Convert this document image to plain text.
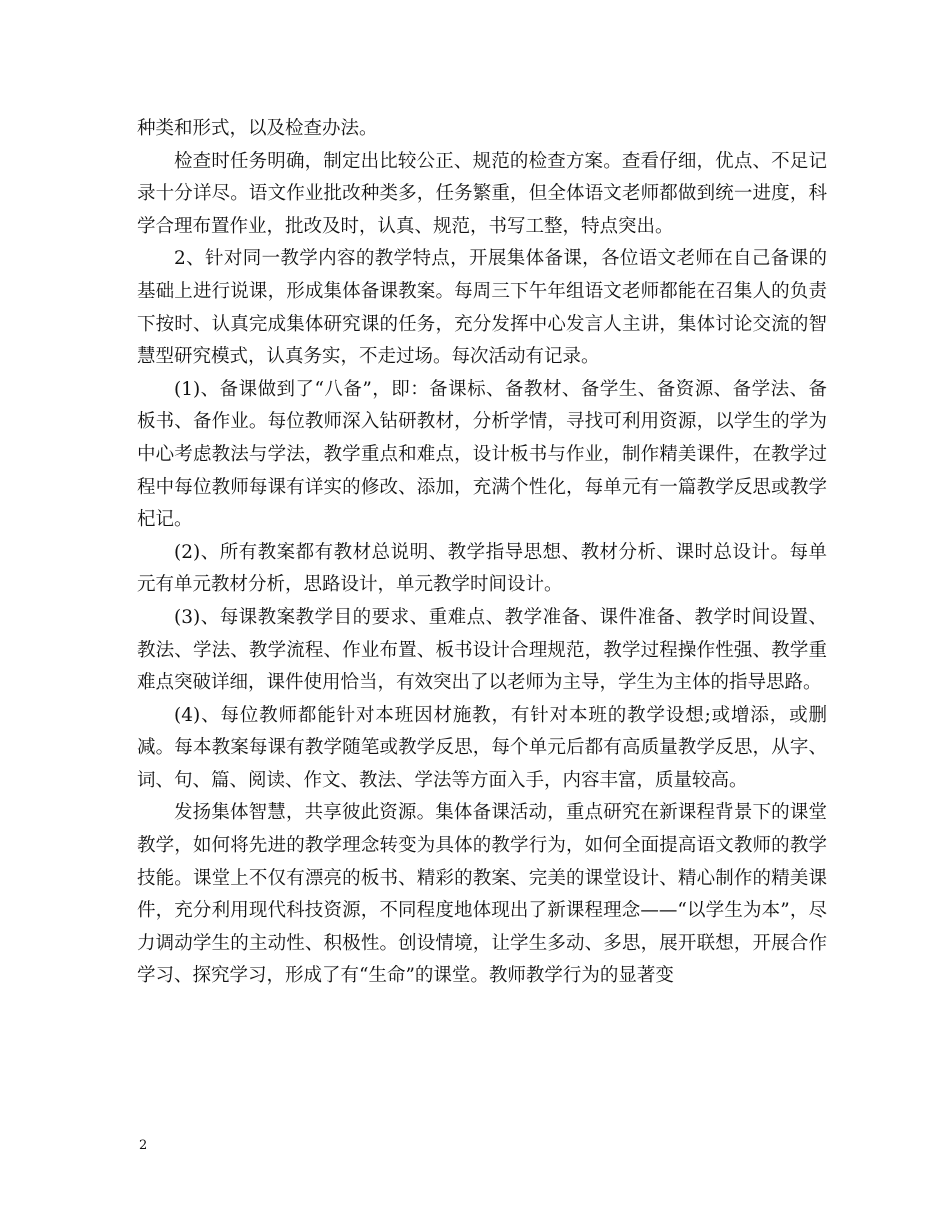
种类和形式，以及检查办法。

检查时任务明确，制定出比较公正、规范的检查方案。查看仔细，优点、不足记录十分详尽。语文作业批改种类多，任务繁重，但全体语文老师都做到统一进度，科学合理布置作业，批改及时，认真、规范，书写工整，特点突出。

2、针对同一教学内容的教学特点，开展集体备课，各位语文老师在自己备课的基础上进行说课，形成集体备课教案。每周三下午年组语文老师都能在召集人的负责下按时、认真完成集体研究课的任务，充分发挥中心发言人主讲，集体讨论交流的智慧型研究模式，认真务实，不走过场。每次活动有记录。

(1)、备课做到了“八备”，即：备课标、备教材、备学生、备资源、备学法、备板书、备作业。每位教师深入钻研教材，分析学情，寻找可利用资源，以学生的学为中心考虑教法与学法，教学重点和难点，设计板书与作业，制作精美课件，在教学过程中每位教师每课有详实的修改、添加，充满个性化，每单元有一篇教学反思或教学杞记。

(2)、所有教案都有教材总说明、教学指导思想、教材分析、课时总设计。每单元有单元教材分析，思路设计，单元教学时间设计。

(3)、每课教案教学目的要求、重难点、教学准备、课件准备、教学时间设置、教法、学法、教学流程、作业布置、板书设计合理规范，教学过程操作性强、教学重难点突破详细，课件使用恰当，有效突出了以老师为主导，学生为主体的指导思路。

(4)、每位教师都能针对本班因材施教，有针对本班的教学设想;或增添，或删减。每本教案每课有教学随笔或教学反思，每个单元后都有高质量教学反思，从字、词、句、篇、阅读、作文、教法、学法等方面入手，内容丰富，质量较高。

发扬集体智慧，共享彼此资源。集体备课活动，重点研究在新课程背景下的课堂教学，如何将先进的教学理念转变为具体的教学行为，如何全面提高语文教师的教学技能。课堂上不仅有漂亮的板书、精彩的教案、完美的课堂设计、精心制作的精美课件，充分利用现代科技资源，不同程度地体现出了新课程理念——“以学生为本”，尽力调动学生的主动性、积极性。创设情境，让学生多动、多思，展开联想，开展合作学习、探究学习，形成了有“生命”的课堂。教师教学行为的显著变

2
